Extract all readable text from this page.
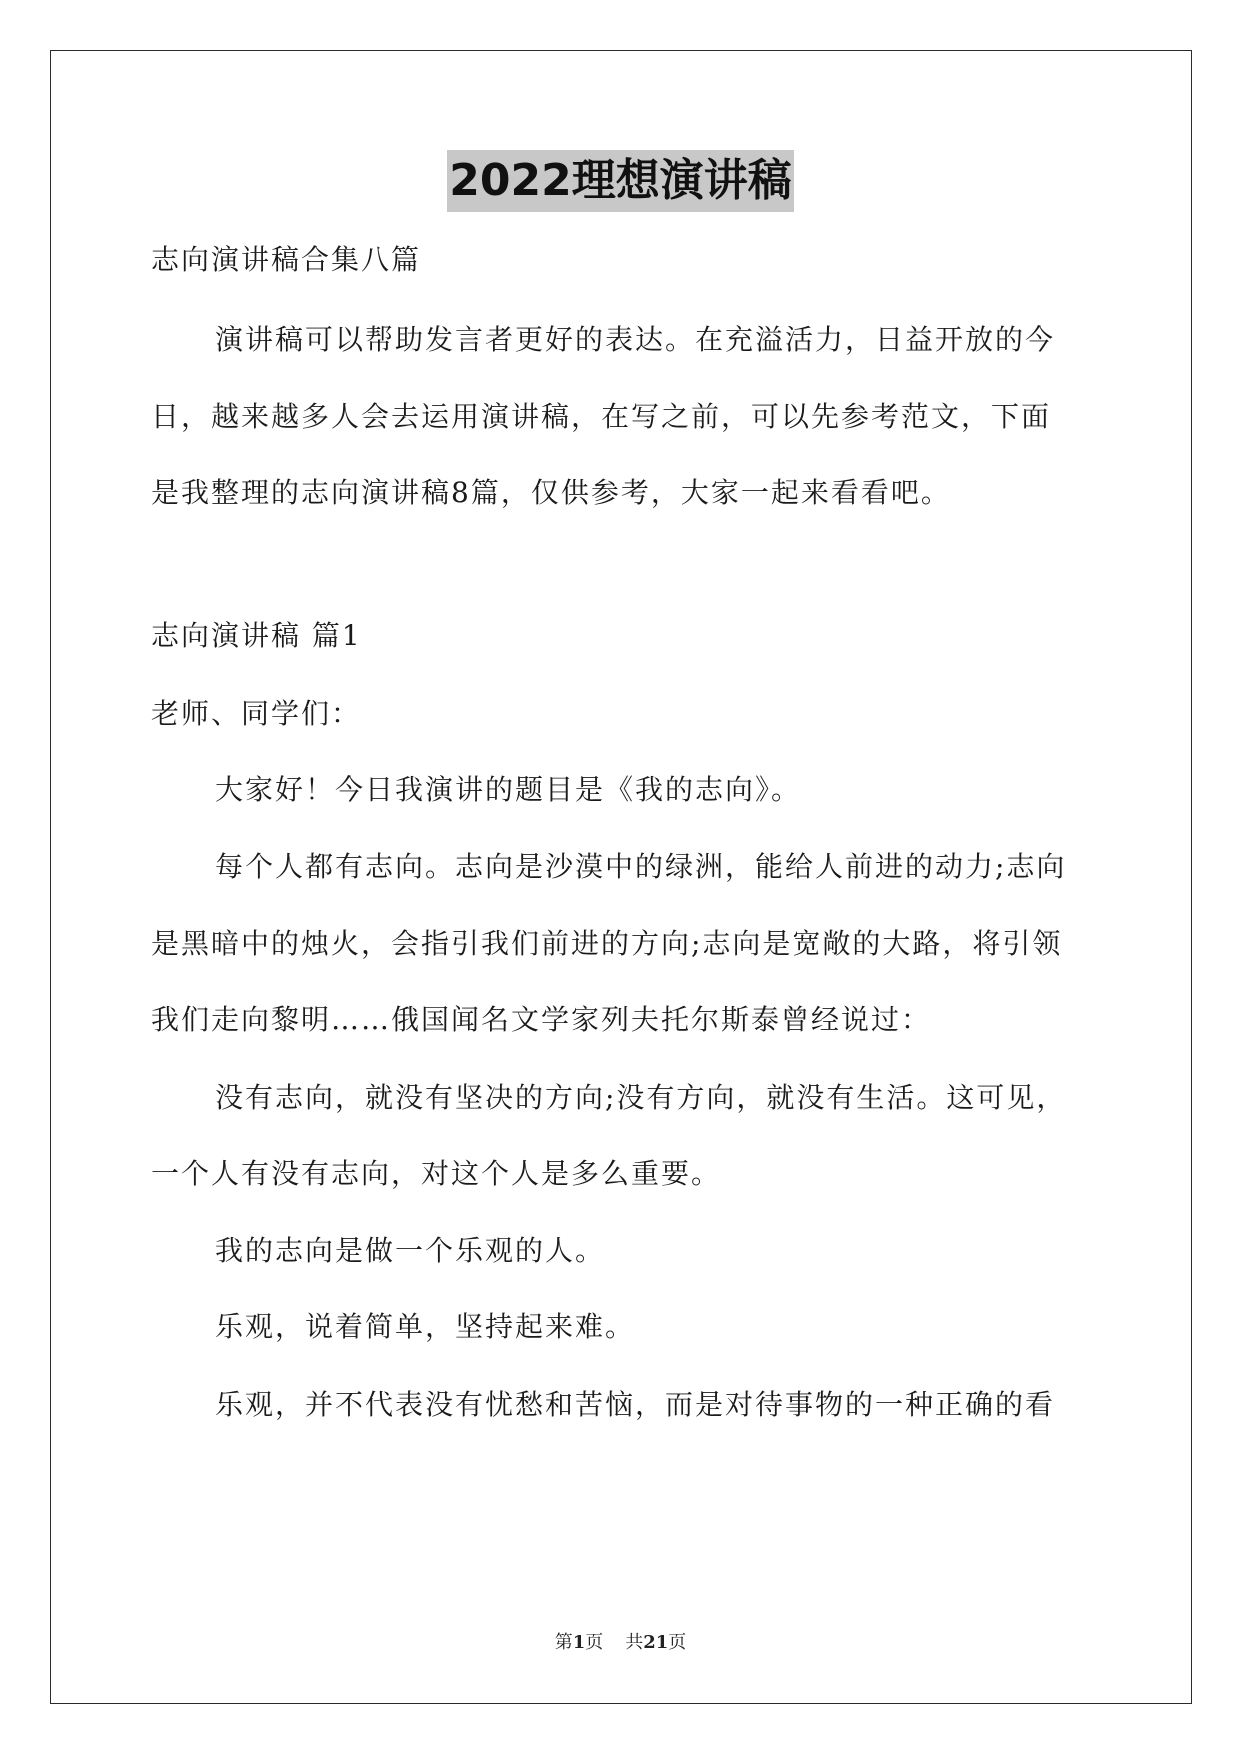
2022理想演讲稿

志向演讲稿合集八篇

演讲稿可以帮助发言者更好的表达。在充溢活力，日益开放的今

日，越来越多人会去运用演讲稿，在写之前，可以先参考范文，下面

是我整理的志向演讲稿8篇，仅供参考，大家一起来看看吧。

志向演讲稿 篇1

老师、同学们：

大家好！今日我演讲的题目是《我的志向》。

每个人都有志向。志向是沙漠中的绿洲，能给人前进的动力;志向

是黑暗中的烛火，会指引我们前进的方向;志向是宽敞的大路，将引领

我们走向黎明……俄国闻名文学家列夫托尔斯泰曾经说过：

没有志向，就没有坚决的方向;没有方向，就没有生活。这可见，

一个人有没有志向，对这个人是多么重要。

我的志向是做一个乐观的人。

乐观，说着简单，坚持起来难。

乐观，并不代表没有忧愁和苦恼，而是对待事物的一种正确的看

第1页 共21页
